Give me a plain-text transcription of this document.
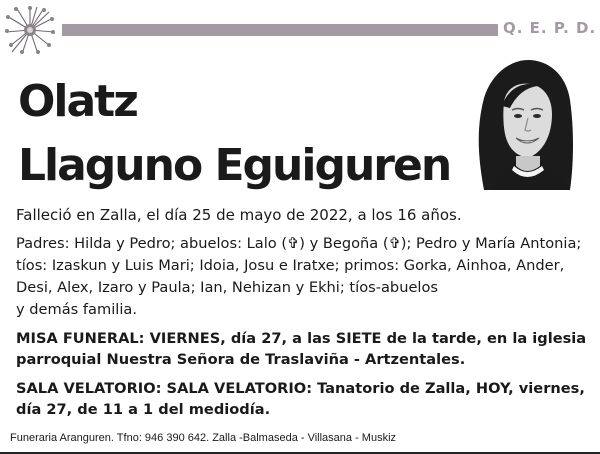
Q. E. P. D.
Olatz
Llaguno Eguiguren
Falleció en Zalla, el día 25 de mayo de 2022, a los 16 años.
Padres: Hilda y Pedro; abuelos: Lalo (✞) y Begoña (✞); Pedro y María Antonia;
tíos: Izaskun y Luis Mari; Idoia, Josu e Iratxe; primos: Gorka, Ainhoa, Ander,
Desi, Alex, Izaro y Paula; Ian, Nehizan y Ekhi; tíos-abuelos
y demás familia.
MISA FUNERAL: VIERNES, día 27, a las SIETE de la tarde, en la iglesia
parroquial Nuestra Señora de Traslaviña - Artzentales.
SALA VELATORIO: SALA VELATORIO: Tanatorio de Zalla, HOY, viernes,
día 27, de 11 a 1 del mediodía.
Funeraria Aranguren. Tfno: 946 390 642. Zalla -Balmaseda - Villasana - Muskiz
